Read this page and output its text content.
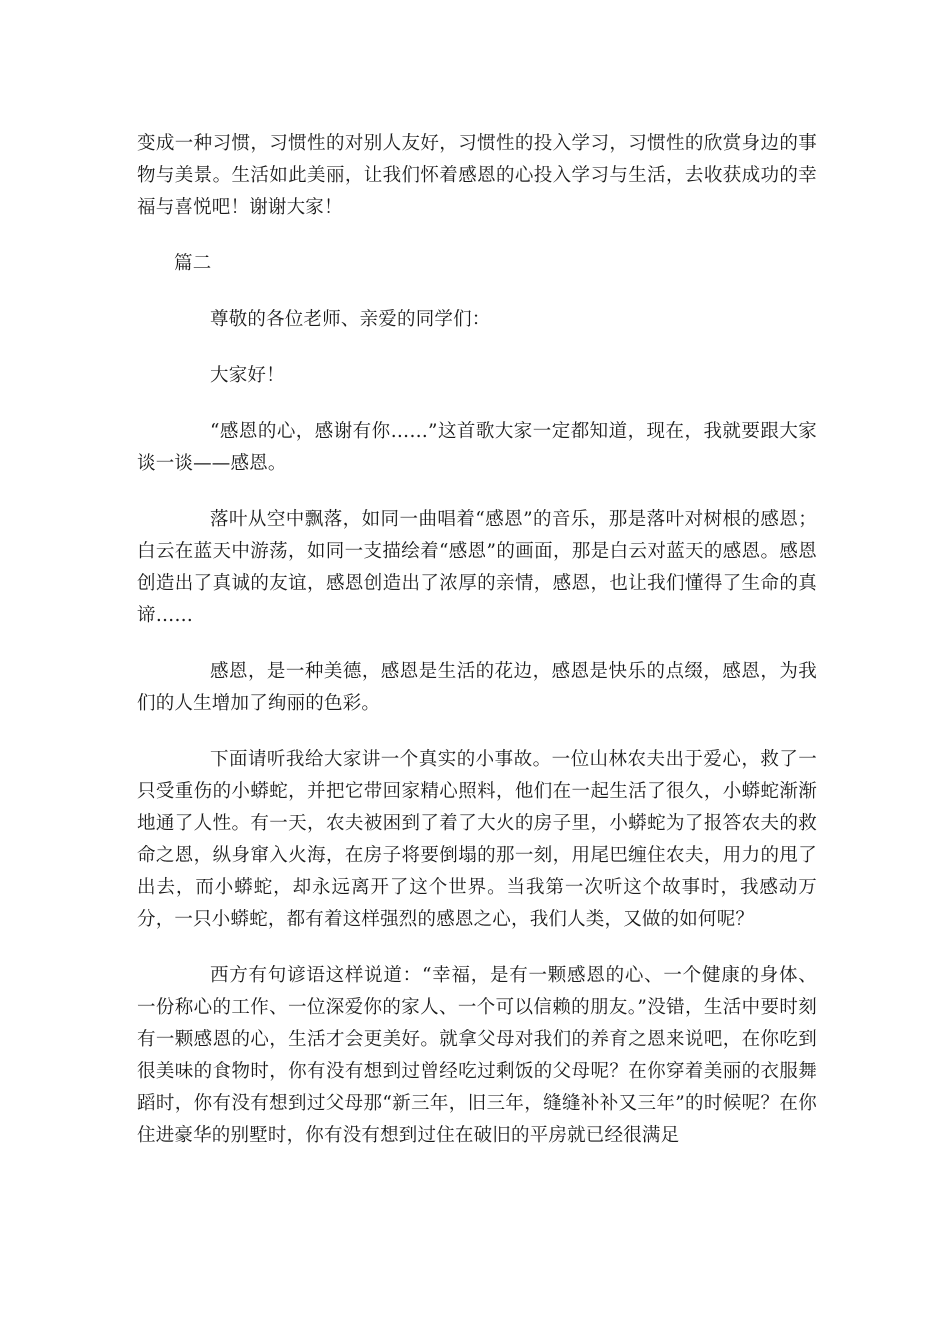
变成一种习惯，习惯性的对别人友好，习惯性的投入学习，习惯性的欣赏身边的事物与美景。生活如此美丽，让我们怀着感恩的心投入学习与生活，去收获成功的幸福与喜悦吧！谢谢大家！

篇二

尊敬的各位老师、亲爱的同学们：

大家好！

“感恩的心，感谢有你……”这首歌大家一定都知道，现在，我就要跟大家谈一谈——感恩。

落叶从空中飘落，如同一曲唱着“感恩”的音乐，那是落叶对树根的感恩；白云在蓝天中游荡，如同一支描绘着“感恩”的画面，那是白云对蓝天的感恩。感恩创造出了真诚的友谊，感恩创造出了浓厚的亲情，感恩，也让我们懂得了生命的真谛……

感恩，是一种美德，感恩是生活的花边，感恩是快乐的点缀，感恩，为我们的人生增加了绚丽的色彩。

下面请听我给大家讲一个真实的小事故。一位山林农夫出于爱心，救了一只受重伤的小蟒蛇，并把它带回家精心照料，他们在一起生活了很久，小蟒蛇渐渐地通了人性。有一天，农夫被困到了着了大火的房子里，小蟒蛇为了报答农夫的救命之恩，纵身窜入火海，在房子将要倒塌的那一刻，用尾巴缠住农夫，用力的甩了出去，而小蟒蛇，却永远离开了这个世界。当我第一次听这个故事时，我感动万分，一只小蟒蛇，都有着这样强烈的感恩之心，我们人类，又做的如何呢？

西方有句谚语这样说道：“幸福，是有一颗感恩的心、一个健康的身体、一份称心的工作、一位深爱你的家人、一个可以信赖的朋友。”没错，生活中要时刻有一颗感恩的心，生活才会更美好。就拿父母对我们的养育之恩来说吧，在你吃到很美味的食物时，你有没有想到过曾经吃过剩饭的父母呢？在你穿着美丽的衣服舞蹈时，你有没有想到过父母那“新三年，旧三年，缝缝补补又三年”的时候呢？在你住进豪华的别墅时，你有没有想到过住在破旧的平房就已经很满足
